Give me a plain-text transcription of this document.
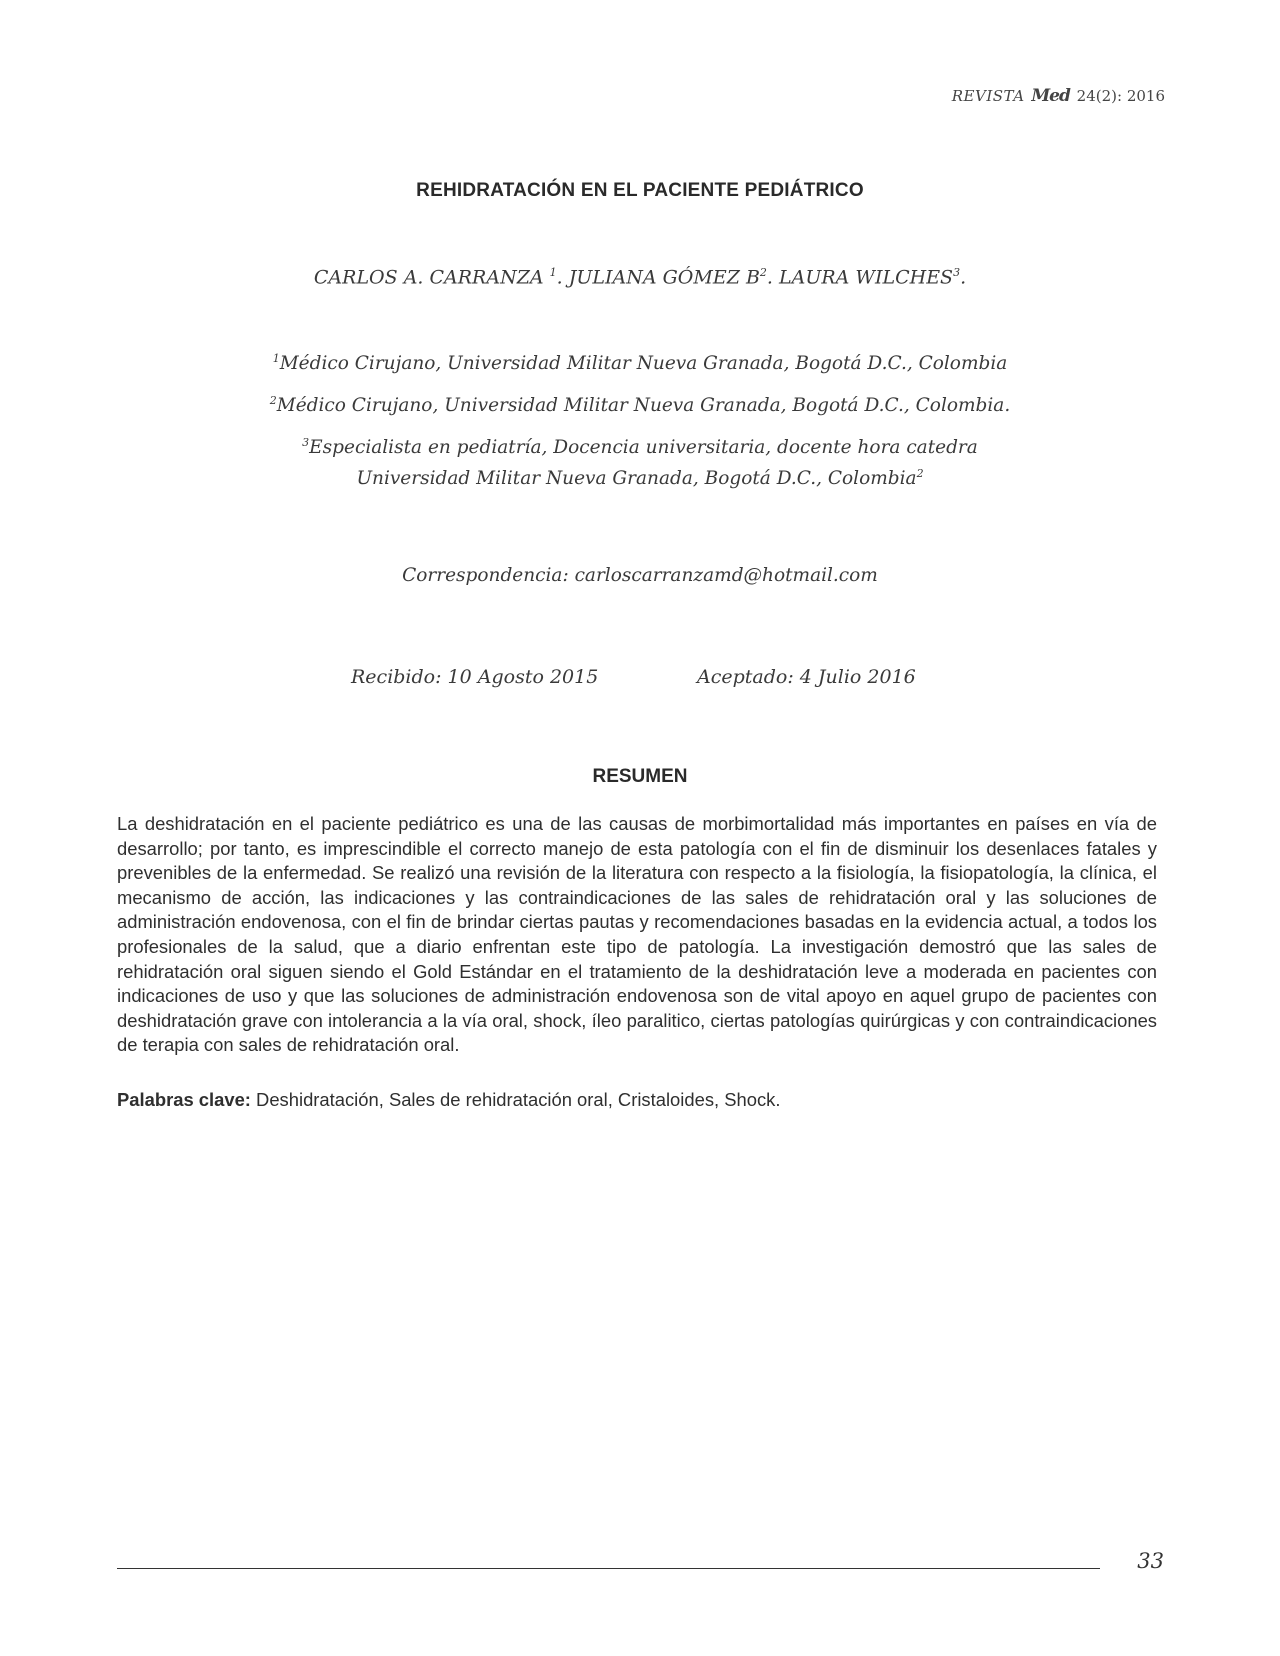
REVISTA Med 24(2): 2016
REHIDRATACIÓN EN EL PACIENTE PEDIÁTRICO
CARLOS A. CARRANZA $^1$. JULIANA GÓMEZ $B^2$. LAURA WILCHES$^3$.
$^1$Médico Cirujano, Universidad Militar Nueva Granada, Bogotá D.C., Colombia
$^2$Médico Cirujano, Universidad Militar Nueva Granada, Bogotá D.C., Colombia.
$^3$Especialista en pediatría, Docencia universitaria, docente hora catedra
Universidad Militar Nueva Granada, Bogotá D.C., Colombia$^2$
Correspondencia: carloscarranzamd@hotmail.com
Recibido: 10 Agosto 2015	Aceptado: 4 Julio 2016
RESUMEN

La deshidratación en el paciente pediátrico es una de las causas de morbimortalidad más importantes en países en vía de desarrollo; por tanto, es imprescindible el correcto manejo de esta patología con el fin de disminuir los desenlaces fatales y prevenibles de la enfermedad. Se realizó una revisión de la literatura con respecto a la fisiología, la fisiopatología, la clínica, el mecanismo de acción, las indicaciones y las contraindicaciones de las sales de rehidratación oral y las soluciones de administración endovenosa, con el fin de brindar ciertas pautas y recomendaciones basadas en la evidencia actual, a todos los profesionales de la salud, que a diario enfrentan este tipo de patología. La investigación demostró que las sales de rehidratación oral siguen siendo el Gold Estándar en el tratamiento de la deshidratación leve a moderada en pacientes con indicaciones de uso y que las soluciones de administración endovenosa son de vital apoyo en aquel grupo de pacientes con deshidratación grave con intolerancia a la vía oral, shock, íleo paralitico, ciertas patologías quirúrgicas y con contraindicaciones de terapia con sales de rehidratación oral.

Palabras clave: Deshidratación, Sales de rehidratación oral, Cristaloides, Shock.

33
